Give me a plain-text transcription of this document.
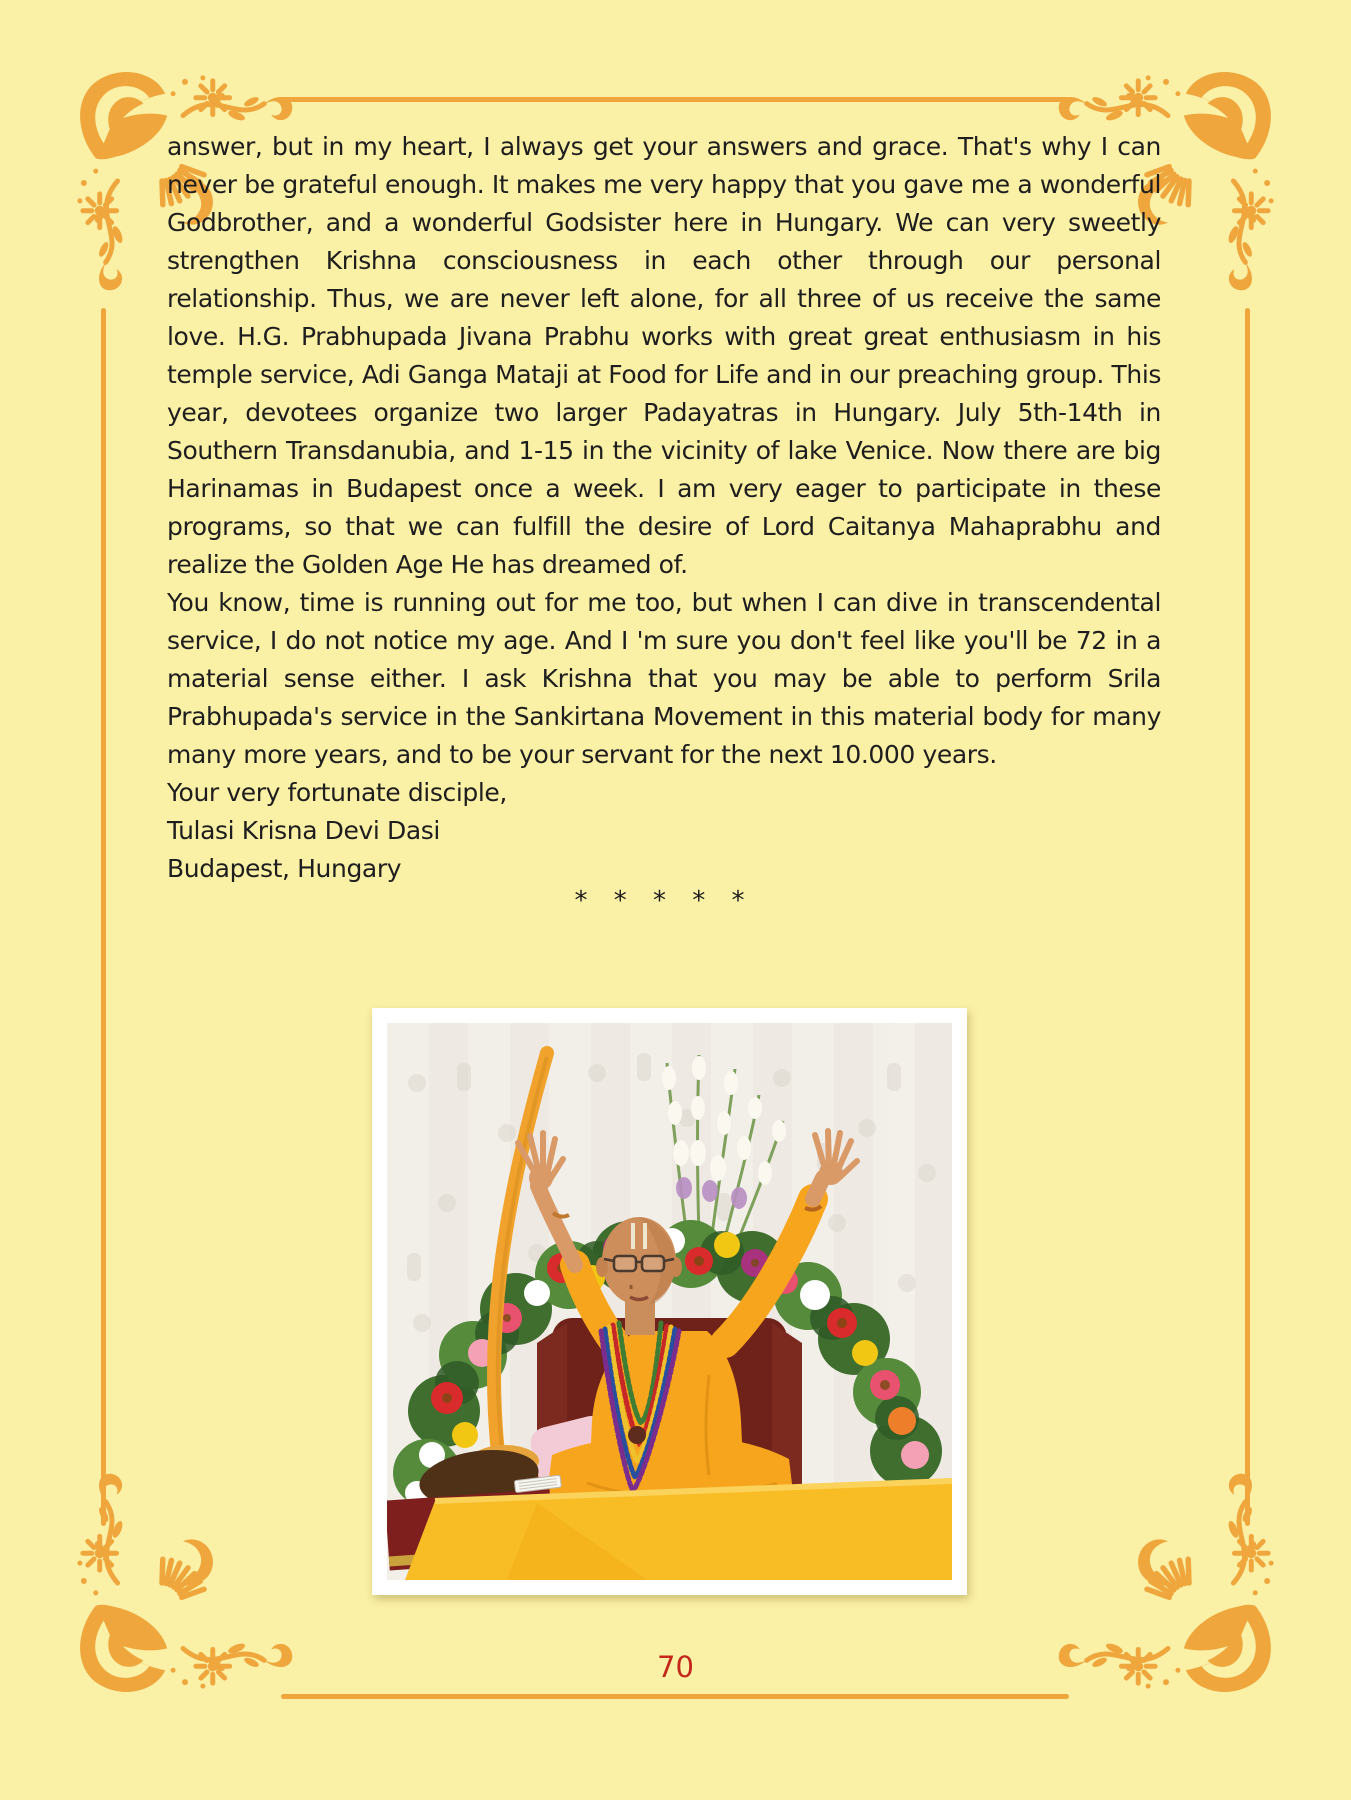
answer, but in my heart, I always get your answers and grace. That's why I can never be grateful enough. It makes me very happy that you gave me a wonderful Godbrother, and a wonderful Godsister here in Hungary. We can very sweetly strengthen Krishna consciousness in each other through our personal relationship. Thus, we are never left alone, for all three of us receive the same love. H.G. Prabhupada Jivana Prabhu works with great great enthusiasm in his temple service, Adi Ganga Mataji at Food for Life and in our preaching group. This year, devotees organize two larger Padayatras in Hungary. July 5th-14th in Southern Transdanubia, and 1-15 in the vicinity of lake Venice. Now there are big Harinamas in Budapest once a week. I am very eager to participate in these programs, so that we can fulfill the desire of Lord Caitanya Mahaprabhu and realize the Golden Age He has dreamed of.

You know, time is running out for me too, but when I can dive in transcendental service, I do not notice my age. And I 'm sure you don't feel like you'll be 72 in a material sense either. I ask Krishna that you may be able to perform Srila Prabhupada's service in the Sankirtana Movement in this material body for many many more years, and to be your servant for the next 10.000 years.

Your very fortunate disciple,

Tulasi Krisna Devi Dasi

Budapest, Hungary

* * * * *
70
